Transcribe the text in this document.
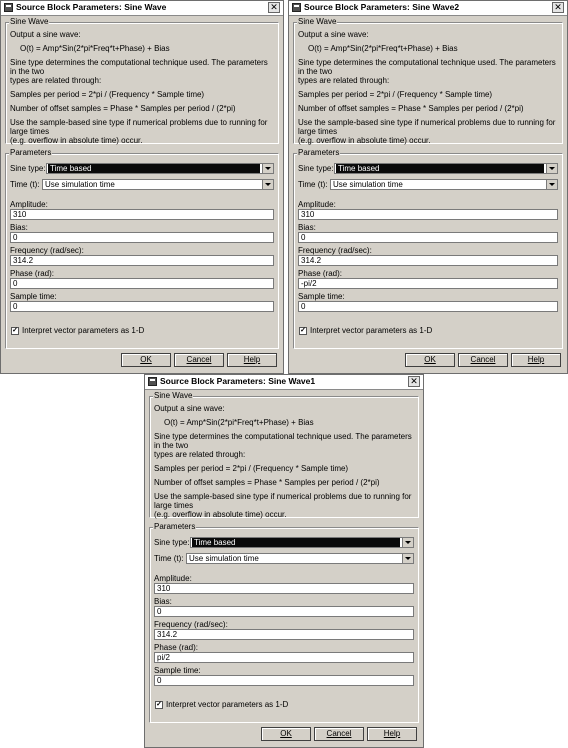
Source Block Parameters: Sine Wave	✕
Sine Wave

Output a sine wave:

O(t) = Amp*Sin(2*pi*Freq*t+Phase) + Bias

Sine type determines the computational technique used. The parameters in the two
types are related through:

Samples per period = 2*pi / (Frequency * Sample time)

Number of offset samples = Phase * Samples per period / (2*pi)

Use the sample-based sine type if numerical problems due to running for large times
(e.g. overflow in absolute time) occur.

Parameters
Sine type: Time based
Time (t): Use simulation time
Amplitude:
310
Bias:
0
Frequency (rad/sec):
314.2
Phase (rad):
0
Sample time:
0
✓ Interpret vector parameters as 1-D
OK	Cancel	Help
Source Block Parameters: Sine Wave2	✕
Sine Wave

Output a sine wave:

O(t) = Amp*Sin(2*pi*Freq*t+Phase) + Bias

Sine type determines the computational technique used. The parameters in the two
types are related through:

Samples per period = 2*pi / (Frequency * Sample time)

Number of offset samples = Phase * Samples per period / (2*pi)

Use the sample-based sine type if numerical problems due to running for large times
(e.g. overflow in absolute time) occur.

Parameters
Sine type: Time based
Time (t): Use simulation time
Amplitude:
310
Bias:
0
Frequency (rad/sec):
314.2
Phase (rad):
-pi/2
Sample time:
0
✓ Interpret vector parameters as 1-D
OK	Cancel	Help
Source Block Parameters: Sine Wave1	✕
Sine Wave

Output a sine wave:

O(t) = Amp*Sin(2*pi*Freq*t+Phase) + Bias

Sine type determines the computational technique used. The parameters in the two
types are related through:

Samples per period = 2*pi / (Frequency * Sample time)

Number of offset samples = Phase * Samples per period / (2*pi)

Use the sample-based sine type if numerical problems due to running for large times
(e.g. overflow in absolute time) occur.

Parameters
Sine type: Time based
Time (t): Use simulation time
Amplitude:
310
Bias:
0
Frequency (rad/sec):
314.2
Phase (rad):
pi/2
Sample time:
0
✓ Interpret vector parameters as 1-D
OK	Cancel	Help
